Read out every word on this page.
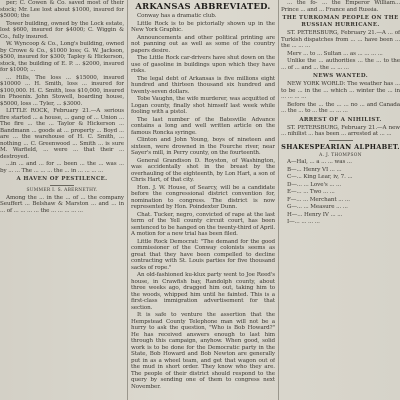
per; C. Cowen & Co. saved most of their stock; Mr. Lee lost about $1000, insured for $5000; the

Tower building, owned by the Lock estate, lost $600, insured for $4000; C. Wiggin & Co., fully insured.

W. Wyncoop & Co., Long's building, owned by Crowe & Co., $1000 loss; G. W. Jackson, $500, insured for $300; Tapley & Hickerson, stock, the building of E. P. ... $2000, insured for $1000; ...

... Hills, The loss ... $15000, insured $10000 ... H. Smith, loss ... insured for $100,000. H. C. Smith, loss $10,000, insured in Phoenix. John Stowell, boarding house, $5000, loss ... Tyler, ... $3000.

LITTLE ROCK, February 21.—A serious fire started ... a house, ... gang of ... Union ... The fire ... the ... Taylor & Hickerson ... Bandmann ... goods at ... property ... Boyd ... are ... the warehouse of H. C. Smith, ... nothing ... C. Greenwood ... Smith ... is sure M. Warfield, ... were ... that their ... destroyed.

...in ... and ... for ... been ... the ... was ... by ... ... The ... ... ... the ... in ... ... ... ...

A HAVEN OF PESTILENCE.
SUMMER I. S. ABERNETHY.

Among the ... in the ... of ... the company Seuffert ... Belshaw & Marston ... and ... in ... of ... ... ... ... the ... ... ... ... ...

ARKANSAS ABBREVIATED.

Conway has a dramatic club.

Little Rock is to be pictorially shown up in the New York Graphic.

Announcements and other political printing are not panning out as well as some of the country papers desire.

The Little Rock car-drivers have shut down on the use of gasoline in buildings upon which they have risks.

The legal debt of Arkansas is five millions eight hundred and thirteen thousand six hundred and twenty-seven dollars.

Tobe Vaughn, the wife murderer, was acquitted of Logan county, finally shot himself last week while fooling with a pistol.

The last number of the Batesville Advance contains a long and well written article on the famous Roncka syringe.

Clinton and John Young, boys of nineteen and sixteen, were drowned in the Fourche river, near Sayer's mill, in Perry county, on the fourteenth.

General Grandison D. Royston, of Washington, was accidentally shot in the breast by the overhauling of the eighteenth, by Lon Hart, a son of Chris Hart, of that city.

Hon. J. W. House, of Searcy, will be a candidate before the congressional district convention for, nomination to congress. The district is now represented by Hon. Poindexter Dunn.

Chat. Tucker, negro, convicted of rape at the last term of the Yell county circuit court, has been sentenced to be hanged on the twenty-third of April. A motion for a new trial has been filed.

Little Rock Democrat: "The demand for the good commissioner of the Conway colonists seems as great that they have been compelled to decline contracting with St. Louis parties for five thousand sacks of rope."

An old-fashioned ku-klux party went to Joe Reed's house, in Crawfish bay, Randolph county, about three weeks ago, dragged him out, taking him to the woods, whipped him until he fainted. This is a first-class immigration advertisement for that section.

It is safe to venture the assertion that the Hempstead County Telephone man will not be a hurry to ask the question, "Who is Bob Howard?" He has received answers enough to last him through this campaign, anyhow. When good, solid work is to be done for the Democratic party in the State, Bob Howard and Bob Newton are generally put in as a wheel team, and get that wagon out of the mud in short order. They know who they are. The people of their district should respond to the query by sending one of them to congress next November.

... the fo- ... the Emperor William... Prince ... and ... France and Russia.

THE TURKOMAN PEOPLE ON THE RUSSIAN HURRICANE.

ST. PETERSBURG, February 21.—A ... of Turkish dispatches from ... ... have been ... the ... ... ...

Merv ... to ... Sultan ... as ... ... ... ...

Unlike the ... authorities ... the ... to the ... of ... and ... the ... ... ...

NEWS WANTED.

NEW YORK WORLD: The weather has ... to be ... in the ... which ... winter the ... in ... ... ... ...

Before the ... the ... ... no ... and Canada ... the ... to ... the ... ... ...

ARREST OF A NIHILIST.

ST. PETERSBURG, February 21.—A new ... nihilist ... has been ... arrested at ... ...

SHAKESPEARIAN ALPHABET.
A. J. THOMPSON

A—Hal, ... a ... ... was ...

B—... Henry VI ... ...

C—... King Lear, iv, 7. ...

D—... ... Love's ... ...

E—... ... Two ... ...

F—... ... Merchant ... ...

G—... ... Measure ... ...

H—... Henry IV ... ...

I—... ... ... ...
